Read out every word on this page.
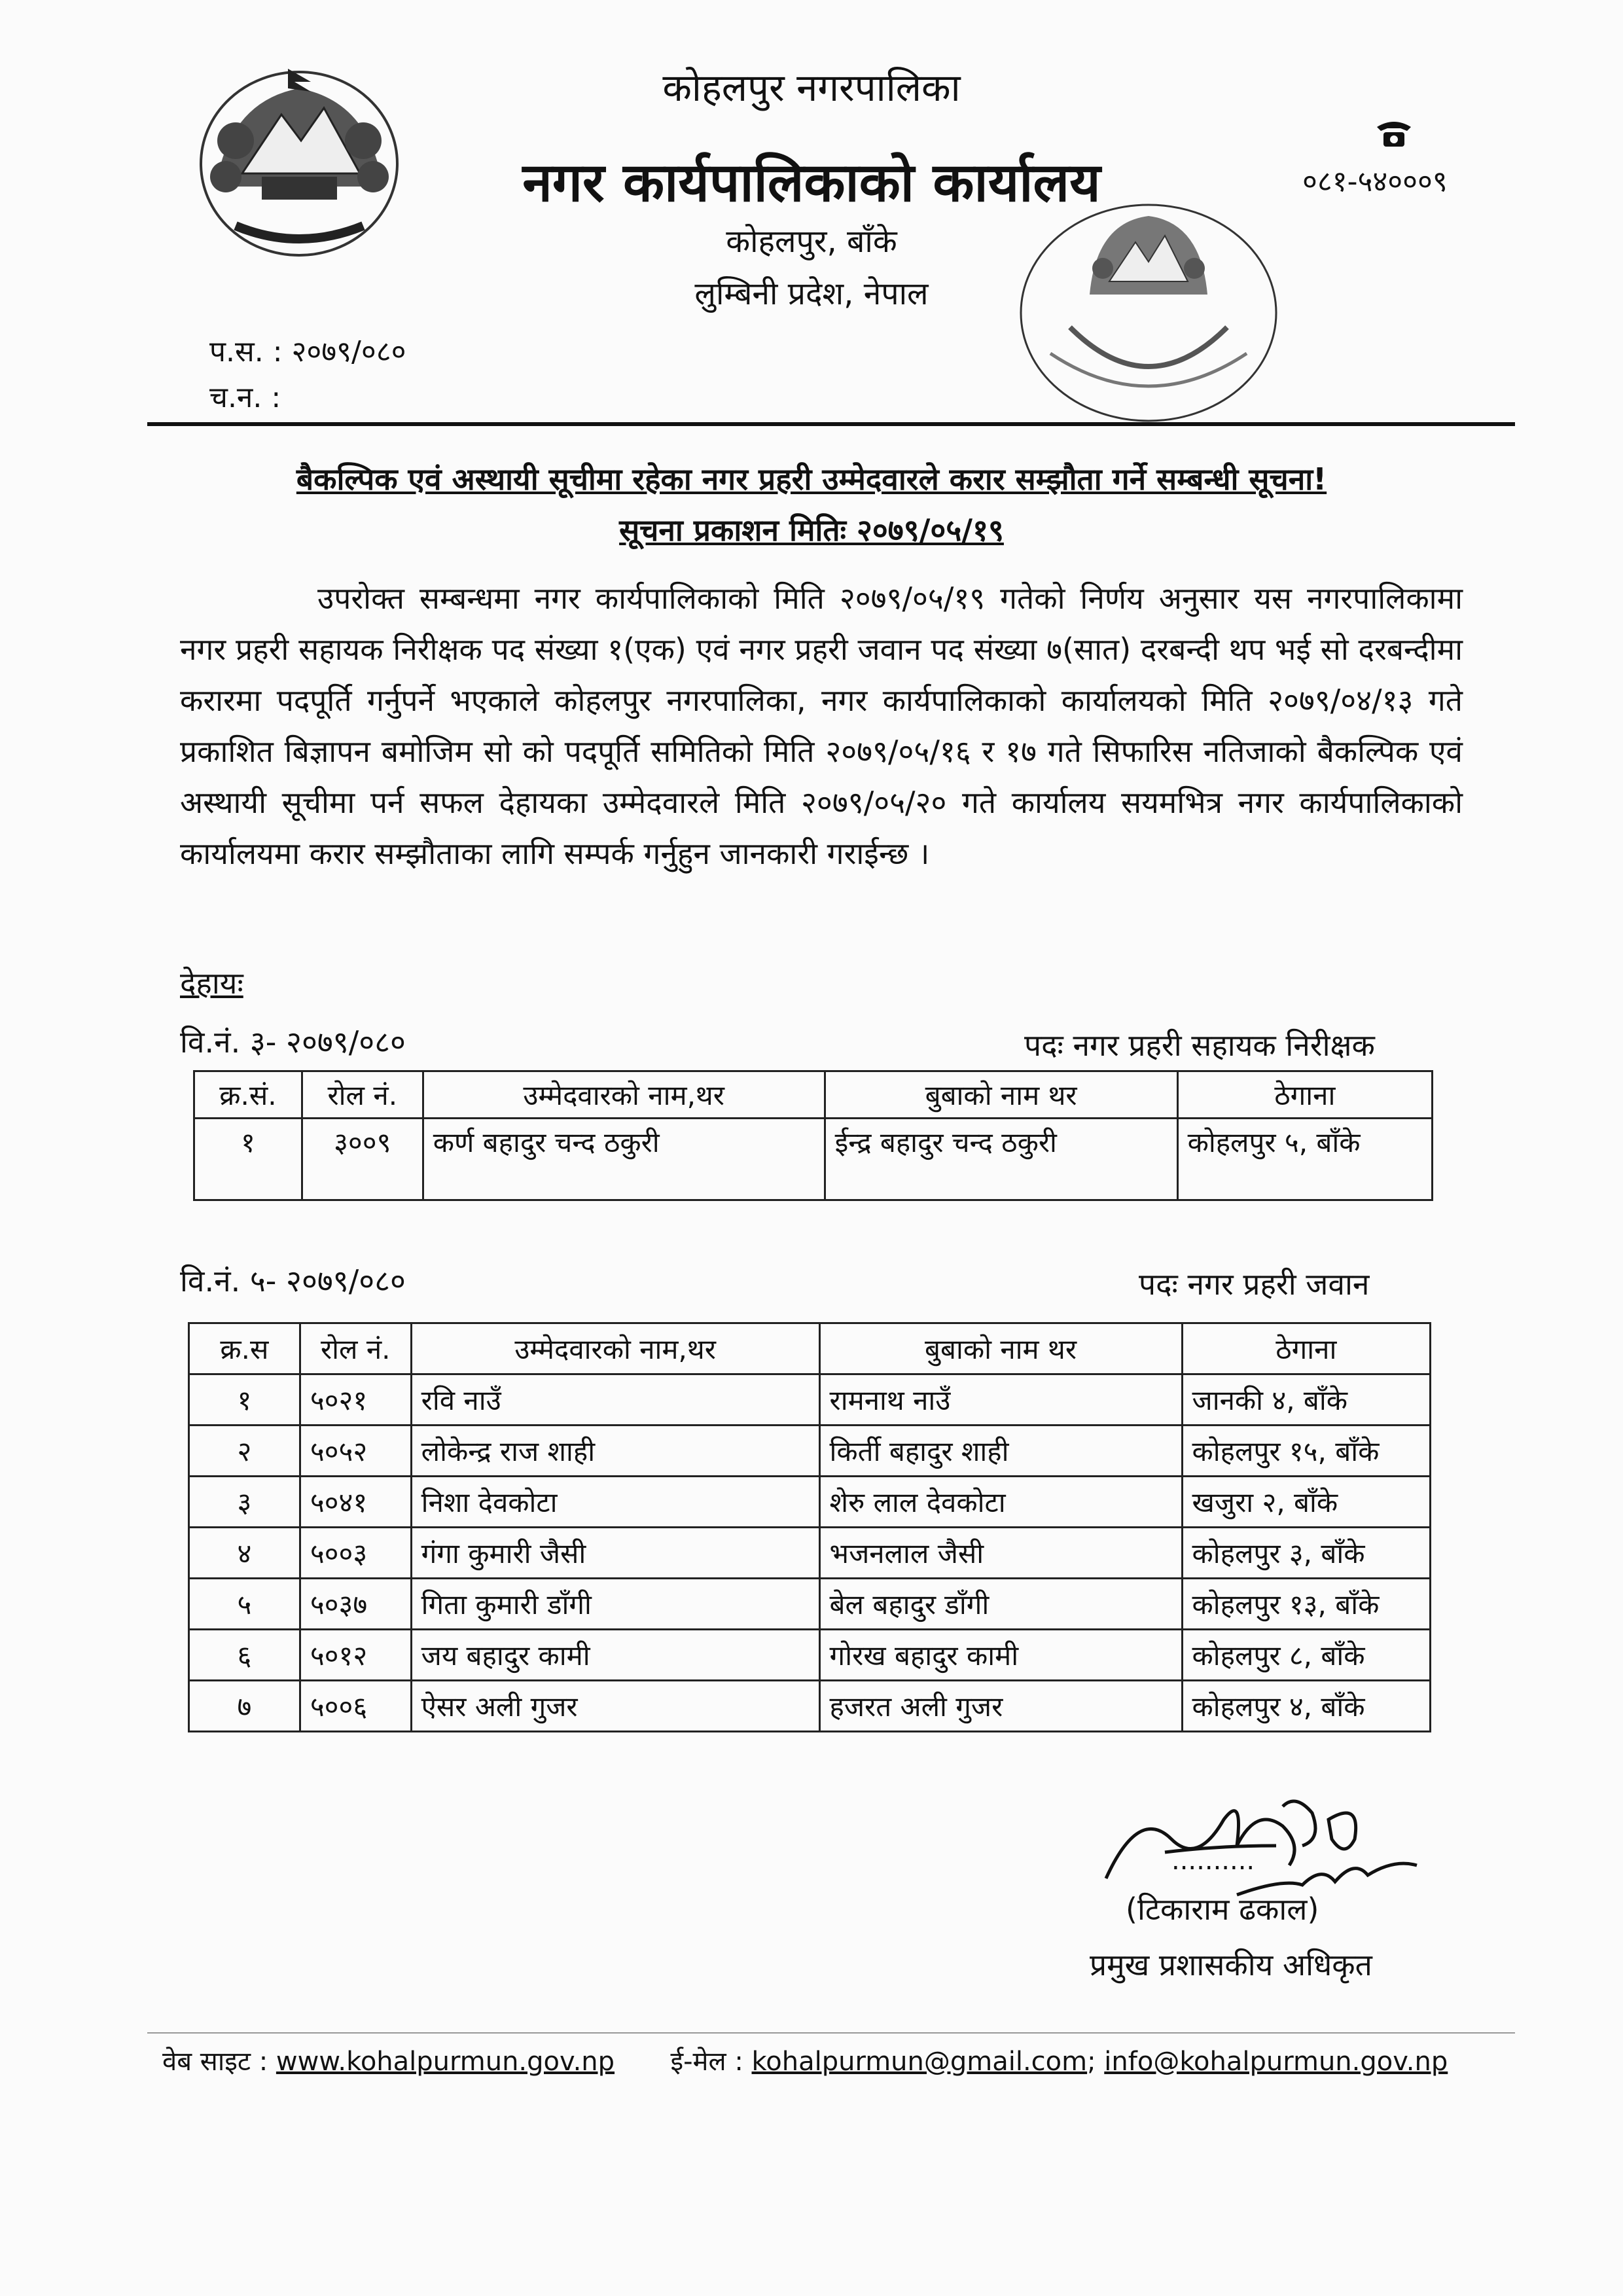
कोहलपुर नगरपालिका
नगर कार्यपालिकाको कार्यालय
कोहलपुर, बाँके
लुम्बिनी प्रदेश, नेपाल
०८१-५४०००९
प.स. : २०७९/०८०
च.न. :
बैकल्पिक एवं अस्थायी सूचीमा रहेका नगर प्रहरी उम्मेदवारले करार सम्झौता गर्ने सम्बन्धी सूचना!
सूचना प्रकाशन मितिः २०७९/०५/१९
उपरोक्त सम्बन्धमा नगर कार्यपालिकाको मिति २०७९/०५/१९ गतेको निर्णय अनुसार यस नगरपालिकामा नगर प्रहरी सहायक निरीक्षक पद संख्या १(एक) एवं नगर प्रहरी जवान पद संख्या ७(सात) दरबन्दी थप भई सो दरबन्दीमा करारमा पदपूर्ति गर्नुपर्ने भएकाले कोहलपुर नगरपालिका, नगर कार्यपालिकाको कार्यालयको मिति २०७९/०४/१३ गते प्रकाशित बिज्ञापन बमोजिम सो को पदपूर्ति समितिको मिति २०७९/०५/१६ र १७ गते सिफारिस नतिजाको बैकल्पिक एवं अस्थायी सूचीमा पर्न सफल देहायका उम्मेदवारले मिति २०७९/०५/२० गते कार्यालय सयमभित्र नगर कार्यपालिकाको कार्यालयमा करार सम्झौताका लागि सम्पर्क गर्नुहुन जानकारी गराईन्छ ।
देहायः
वि.नं. ३- २०७९/०८०	पदः नगर प्रहरी सहायक निरीक्षक
क्र.सं.	रोल नं.	उम्मेदवारको नाम,थर	बुबाको नाम थर	ठेगाना
१	३००९	कर्ण बहादुर चन्द ठकुरी	ईन्द्र बहादुर चन्द ठकुरी	कोहलपुर ५, बाँके
वि.नं. ५- २०७९/०८०	पदः नगर प्रहरी जवान
क्र.स	रोल नं.	उम्मेदवारको नाम,थर	बुबाको नाम थर	ठेगाना
१	५०२१	रवि नाउँ	रामनाथ नाउँ	जानकी ४, बाँके
२	५०५२	लोकेन्द्र राज शाही	किर्ती बहादुर शाही	कोहलपुर १५, बाँके
३	५०४१	निशा देवकोटा	शेरु लाल देवकोटा	खजुरा २, बाँके
४	५००३	गंगा कुमारी जैसी	भजनलाल जैसी	कोहलपुर ३, बाँके
५	५०३७	गिता कुमारी डाँगी	बेल बहादुर डाँगी	कोहलपुर १३, बाँके
६	५०१२	जय बहादुर कामी	गोरख बहादुर कामी	कोहलपुर ८, बाँके
७	५००६	ऐसर अली गुजर	हजरत अली गुजर	कोहलपुर ४, बाँके
..........
(टिकाराम ढकाल)
प्रमुख प्रशासकीय अधिकृत
वेब साइट : www.kohalpurmun.gov.np ई-मेल : kohalpurmun@gmail.com; info@kohalpurmun.gov.np
